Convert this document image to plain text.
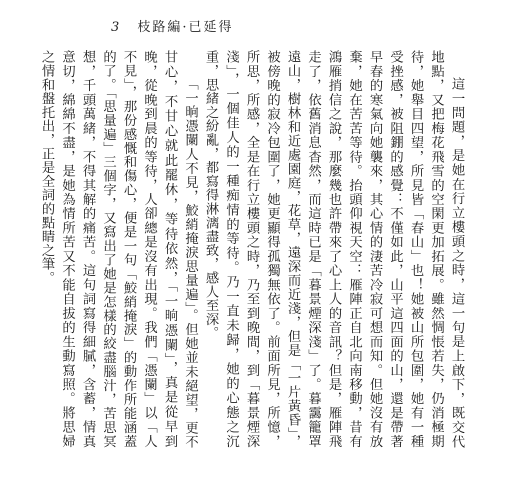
3 枝路編·已延得

這一問題，是她在行立樓頭之時，這一句是上啟下，既交代地點，又把梅花飛雪的空閑更加拓展。雖然惆悵若失，仍消極期待，她舉目四望，所見皆「春山」也！她被山所包圍，她有一種受挫感，被阻錋的感覺：不僅如此，山平這四面的山，還是帶著早春的寒氣向她襲來，其心情的淒苦冷寂可想而知。但她沒有放棄，她在苦苦等待。抬頭仰視天空：雁陣正自北向南移動，昔有鴻雁捎信之說，那麼幾也許帶來了心上人的音訊？但是，雁陣飛走了，依舊消息杳然，而這時已是「暮景煙深淺」了。暮靄籠罩遠山，樹林和近處園庭，花草，遠深而近淺，但是「一片黃昏」，被傍晚的寂冷包圍了，她更顯得孤獨無依了。前面所見，所憶，所思，所感，全是在行立樓頭之時，乃至到晚間，到「暮景煙深淺」，一個佳人的一種痴情的等待。乃一直未歸，她的心態之沉重，思緒之紛亂，都寫得淋漓盡致，感人至深。

「一晌憑闌人不見，鮫綃掩淚思量遍」。但她並未絕望，更不甘心，不甘心就此罷休，等待依然，「一晌憑闌」，真是從早到晚，從晚到晨的等待，人卻總是沒有出現。我們「憑闌」以「人不見」，那份感慨和傷心，便是一句「鮫綃掩淚」的動作所能涵蓋的了。「思量遍」三個字，又寫出了她是怎樣的絞盡腦汁，苦思冥想，千頭萬緒，不得其解的痛苦。這句詞寫得細膩，含蓄，情真意切，綿綿不盡，是她為情所苦又不能自拔的生動寫照。將思婦之情和盤托出，正是全詞的點睛之筆。
